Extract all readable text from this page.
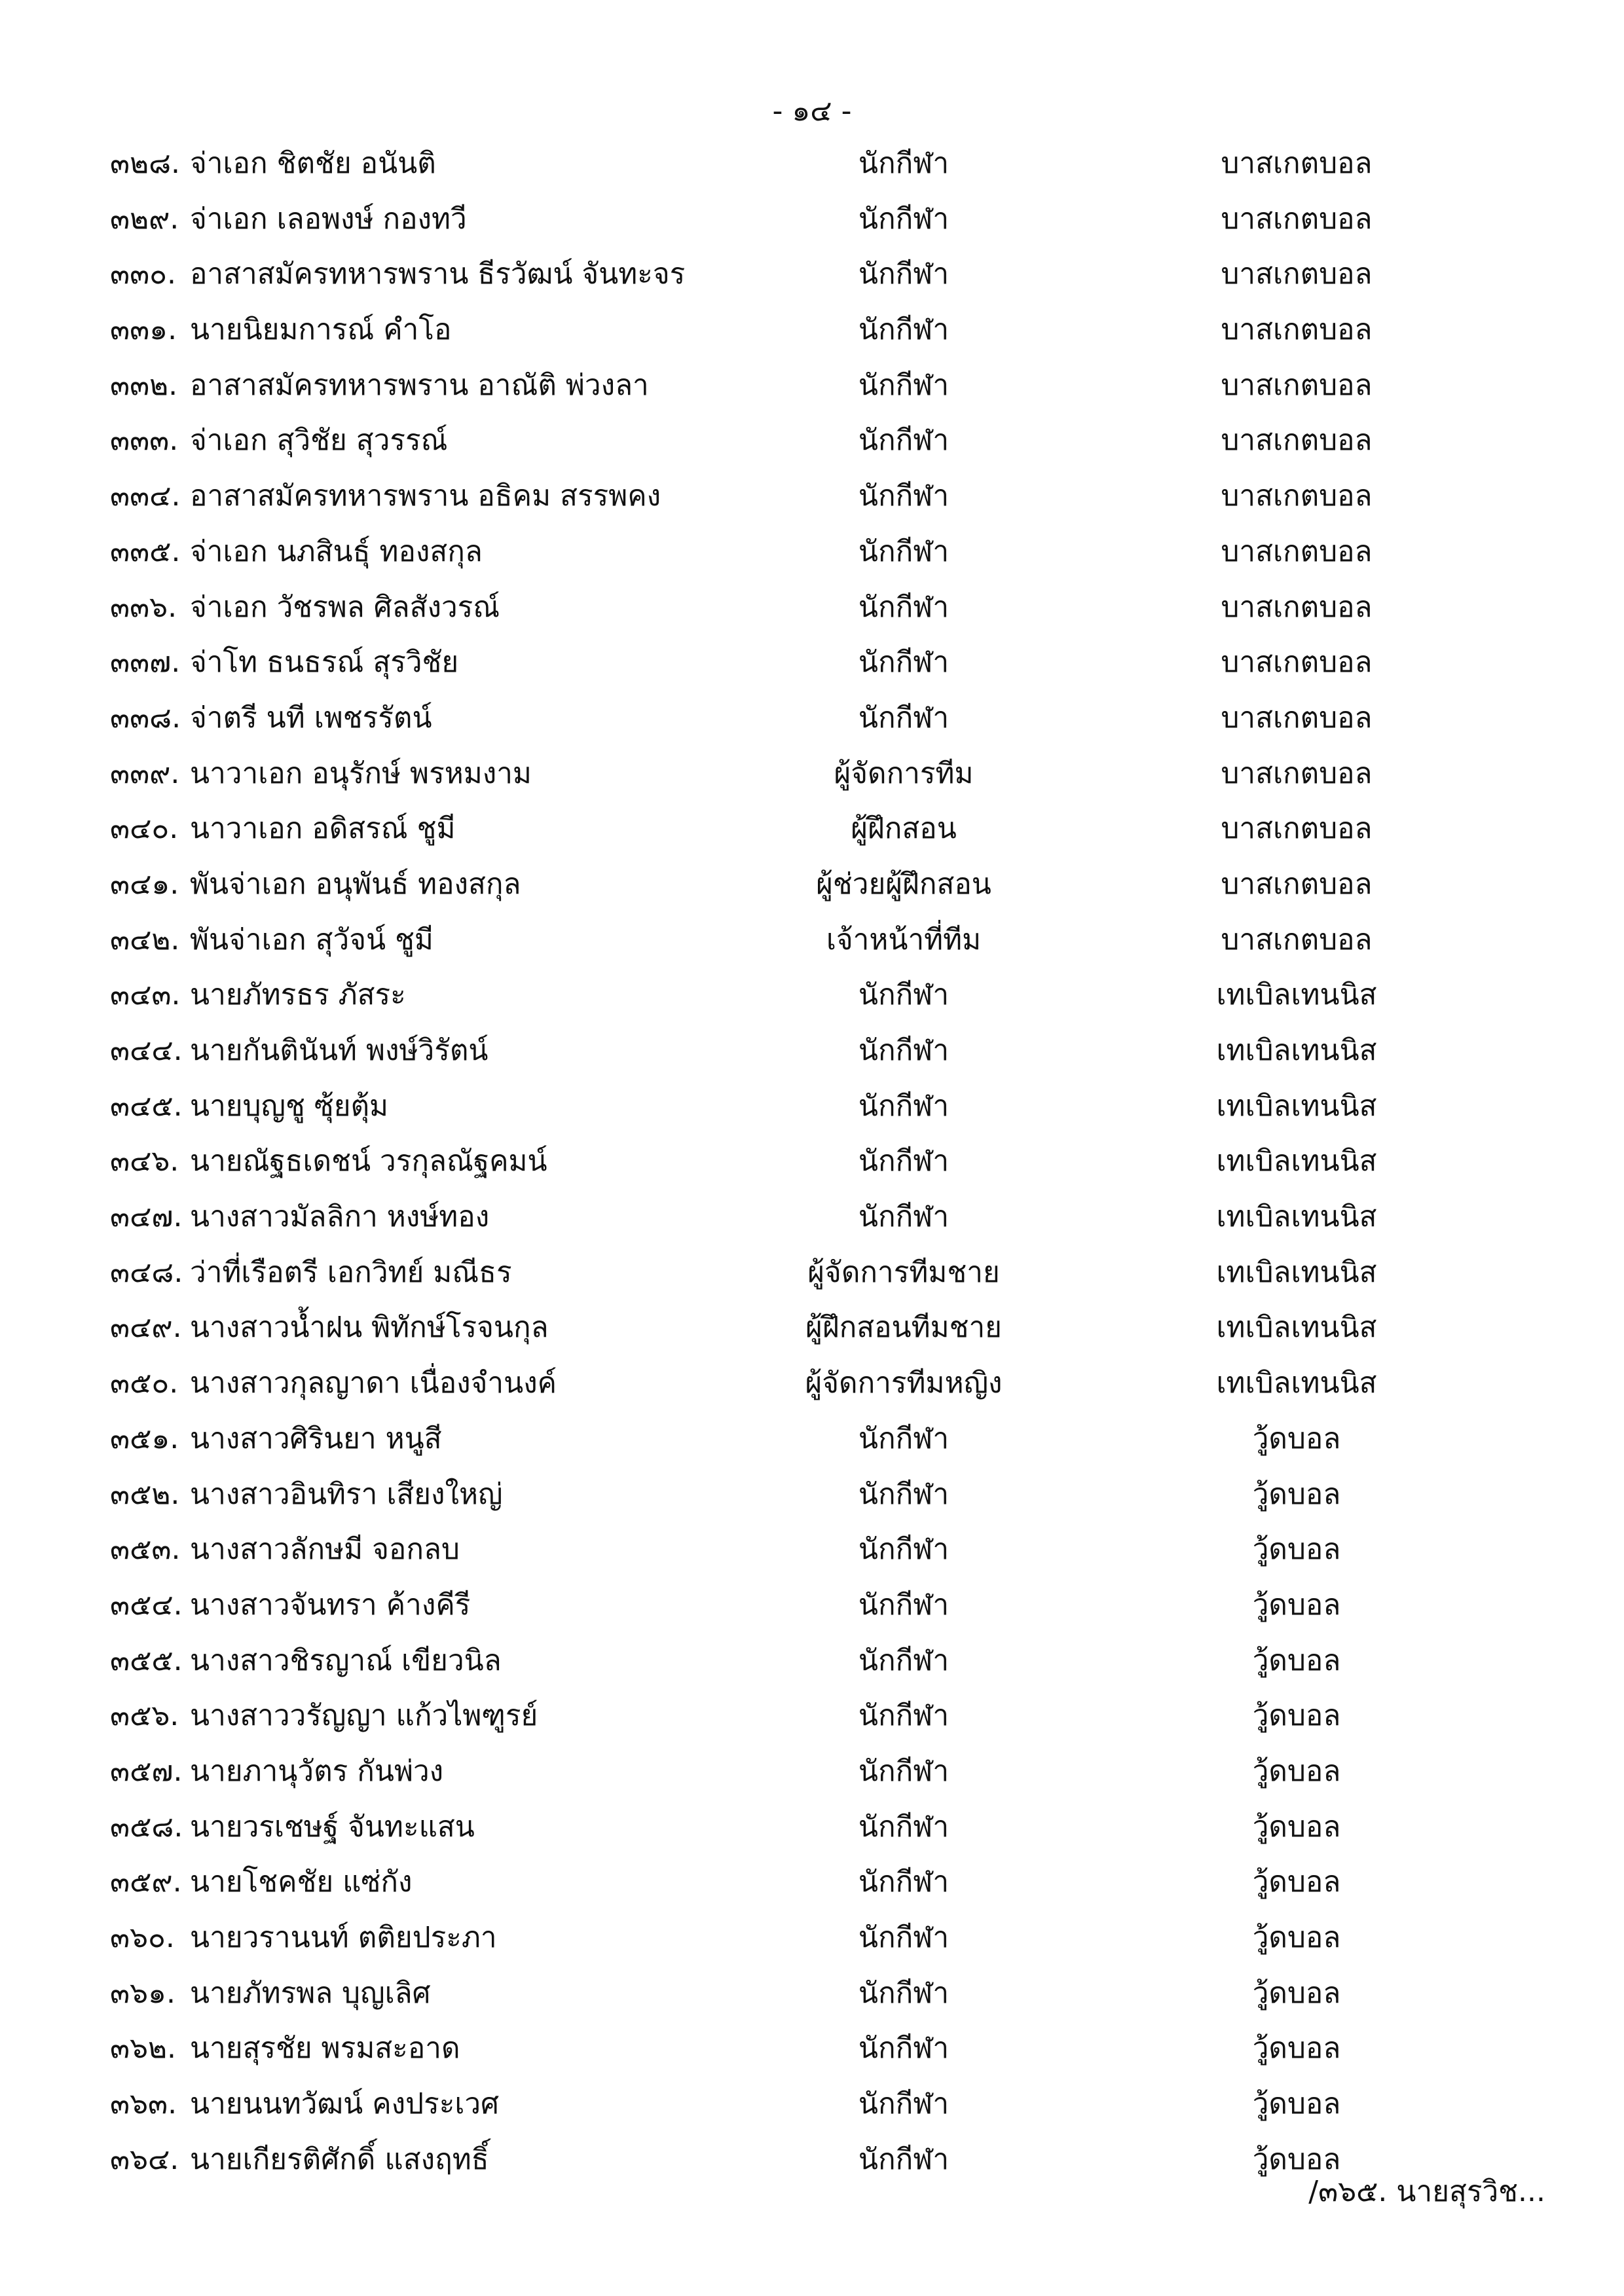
- ๑๔ -
๓๒๘. จ่าเอก ชิตชัย อนันติ	นักกีฬา	บาสเกตบอล
๓๒๙. จ่าเอก เลอพงษ์ กองทวี	นักกีฬา	บาสเกตบอล
๓๓๐. อาสาสมัครทหารพราน ธีรวัฒน์ จันทะจร	นักกีฬา	บาสเกตบอล
๓๓๑. นายนิยมการณ์ คำโอ	นักกีฬา	บาสเกตบอล
๓๓๒. อาสาสมัครทหารพราน อาณัติ พ่วงลา	นักกีฬา	บาสเกตบอล
๓๓๓. จ่าเอก สุวิชัย สุวรรณ์	นักกีฬา	บาสเกตบอล
๓๓๔. อาสาสมัครทหารพราน อธิคม สรรพคง	นักกีฬา	บาสเกตบอล
๓๓๕. จ่าเอก นภสินธุ์ ทองสกุล	นักกีฬา	บาสเกตบอล
๓๓๖. จ่าเอก วัชรพล ศิลสังวรณ์	นักกีฬา	บาสเกตบอล
๓๓๗. จ่าโท ธนธรณ์ สุรวิชัย	นักกีฬา	บาสเกตบอล
๓๓๘. จ่าตรี นที เพชรรัตน์	นักกีฬา	บาสเกตบอล
๓๓๙. นาวาเอก อนุรักษ์ พรหมงาม	ผู้จัดการทีม	บาสเกตบอล
๓๔๐. นาวาเอก อดิสรณ์ ชูมี	ผู้ฝึกสอน	บาสเกตบอล
๓๔๑. พันจ่าเอก อนุพันธ์ ทองสกุล	ผู้ช่วยผู้ฝึกสอน	บาสเกตบอล
๓๔๒. พันจ่าเอก สุวัจน์ ชูมี	เจ้าหน้าที่ทีม	บาสเกตบอล
๓๔๓. นายภัทรธร ภัสระ	นักกีฬา	เทเบิลเทนนิส
๓๔๔. นายกันตินันท์ พงษ์วิรัตน์	นักกีฬา	เทเบิลเทนนิส
๓๔๕. นายบุญชู ซุ้ยตุ้ม	นักกีฬา	เทเบิลเทนนิส
๓๔๖. นายณัฐธเดชน์ วรกุลณัฐคมน์	นักกีฬา	เทเบิลเทนนิส
๓๔๗. นางสาวมัลลิกา หงษ์ทอง	นักกีฬา	เทเบิลเทนนิส
๓๔๘. ว่าที่เรือตรี เอกวิทย์ มณีธร	ผู้จัดการทีมชาย	เทเบิลเทนนิส
๓๔๙. นางสาวน้ำฝน พิทักษ์โรจนกุล	ผู้ฝึกสอนทีมชาย	เทเบิลเทนนิส
๓๕๐. นางสาวกุลญาดา เนื่องจำนงค์	ผู้จัดการทีมหญิง	เทเบิลเทนนิส
๓๕๑. นางสาวศิรินยา หนูสี	นักกีฬา	วู้ดบอล
๓๕๒. นางสาวอินทิรา เสียงใหญ่	นักกีฬา	วู้ดบอล
๓๕๓. นางสาวลักษมี จอกลบ	นักกีฬา	วู้ดบอล
๓๕๔. นางสาวจันทรา ค้างคีรี	นักกีฬา	วู้ดบอล
๓๕๕. นางสาวชิรญาณ์ เขียวนิล	นักกีฬา	วู้ดบอล
๓๕๖. นางสาววรัญญา แก้วไพฑูรย์	นักกีฬา	วู้ดบอล
๓๕๗. นายภานุวัตร กันพ่วง	นักกีฬา	วู้ดบอล
๓๕๘. นายวรเชษฐ์ จันทะแสน	นักกีฬา	วู้ดบอล
๓๕๙. นายโชคชัย แซ่กัง	นักกีฬา	วู้ดบอล
๓๖๐. นายวรานนท์ ตติยประภา	นักกีฬา	วู้ดบอล
๓๖๑. นายภัทรพล บุญเลิศ	นักกีฬา	วู้ดบอล
๓๖๒. นายสุรชัย พรมสะอาด	นักกีฬา	วู้ดบอล
๓๖๓. นายนนทวัฒน์ คงประเวศ	นักกีฬา	วู้ดบอล
๓๖๔. นายเกียรติศักดิ์ แสงฤทธิ์	นักกีฬา	วู้ดบอล
/๓๖๕. นายสุรวิช...
